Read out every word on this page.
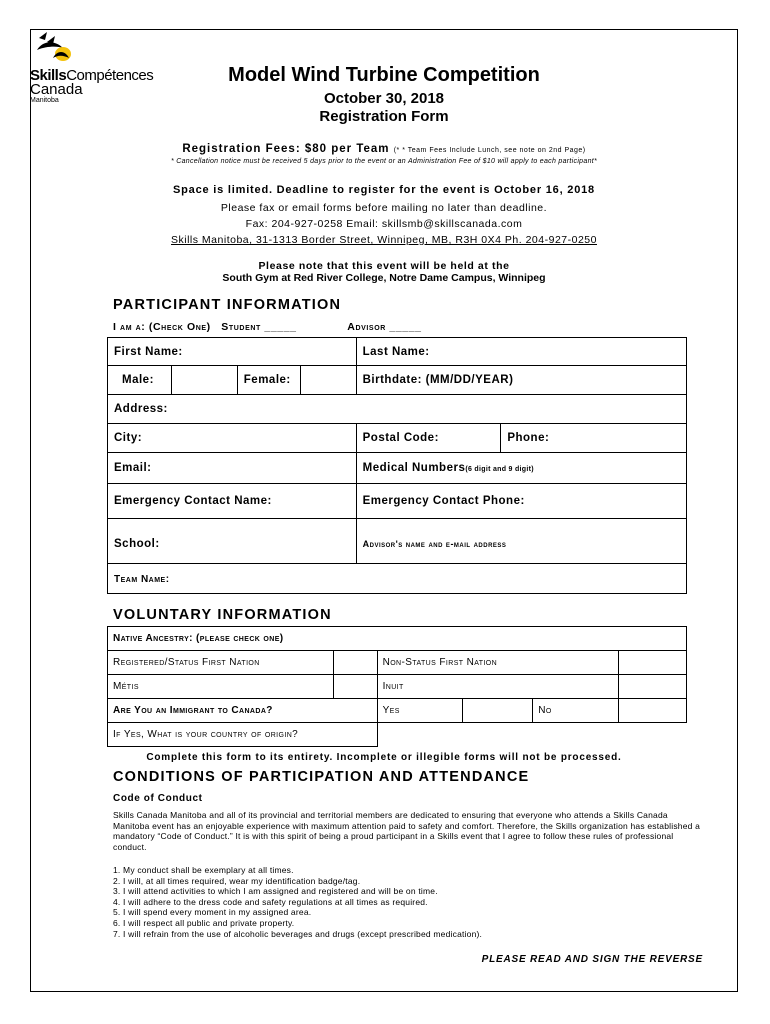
SkillsCompétences
Canada
Manitoba
Model Wind Turbine Competition
October 30, 2018
Registration Form
Registration Fees: $80 per Team (* * Team Fees Include Lunch, see note on 2nd Page)
* Cancellation notice must be received 5 days prior to the event or an Administration Fee of $10 will apply to each participant*
Space is limited. Deadline to register for the event is October 16, 2018
Please fax or email forms before mailing no later than deadline.
Fax: 204-927-0258 Email: skillsmb@skillscanada.com
Skills Manitoba, 31-1313 Border Street, Winnipeg, MB, R3H 0X4 Ph. 204-927-0250
Please note that this event will be held at the
South Gym at Red River College, Notre Dame Campus, Winnipeg
PARTICIPANT INFORMATION
I am a: (Check One) Student _____	Advisor _____
First Name:				Last Name:	
Male:		Female:		Birthdate: (MM/DD/YEAR)	
Address:					
City:				Postal Code:	Phone:
Email:				Medical Numbers(6 digit and 9 digit)	
Emergency Contact Name:				Emergency Contact Phone:	
School:				Advisor's name and e-mail address	
Team Name:					
VOLUNTARY INFORMATION
Native Ancestry: (please check one)					
Registered/Status First Nation		Non-Status First Nation			
Métis		Inuit			
Are You an Immigrant to Canada?		Yes		No	
If Yes, What is your country of origin?					
Complete this form to its entirety. Incomplete or illegible forms will not be processed.
CONDITIONS OF PARTICIPATION AND ATTENDANCE
Code of Conduct
Skills Canada Manitoba and all of its provincial and territorial members are dedicated to ensuring that everyone who attends a Skills Canada Manitoba event has an enjoyable experience with maximum attention paid to safety and comfort. Therefore, the Skills organization has established a mandatory “Code of Conduct.” It is with this spirit of being a proud participant in a Skills event that I agree to follow these rules of professional conduct.
1. My conduct shall be exemplary at all times.
2. I will, at all times required, wear my identification badge/tag.
3. I will attend activities to which I am assigned and registered and will be on time.
4. I will adhere to the dress code and safety regulations at all times as required.
5. I will spend every moment in my assigned area.
6. I will respect all public and private property.
7. I will refrain from the use of alcoholic beverages and drugs (except prescribed medication).
PLEASE READ AND SIGN THE REVERSE
